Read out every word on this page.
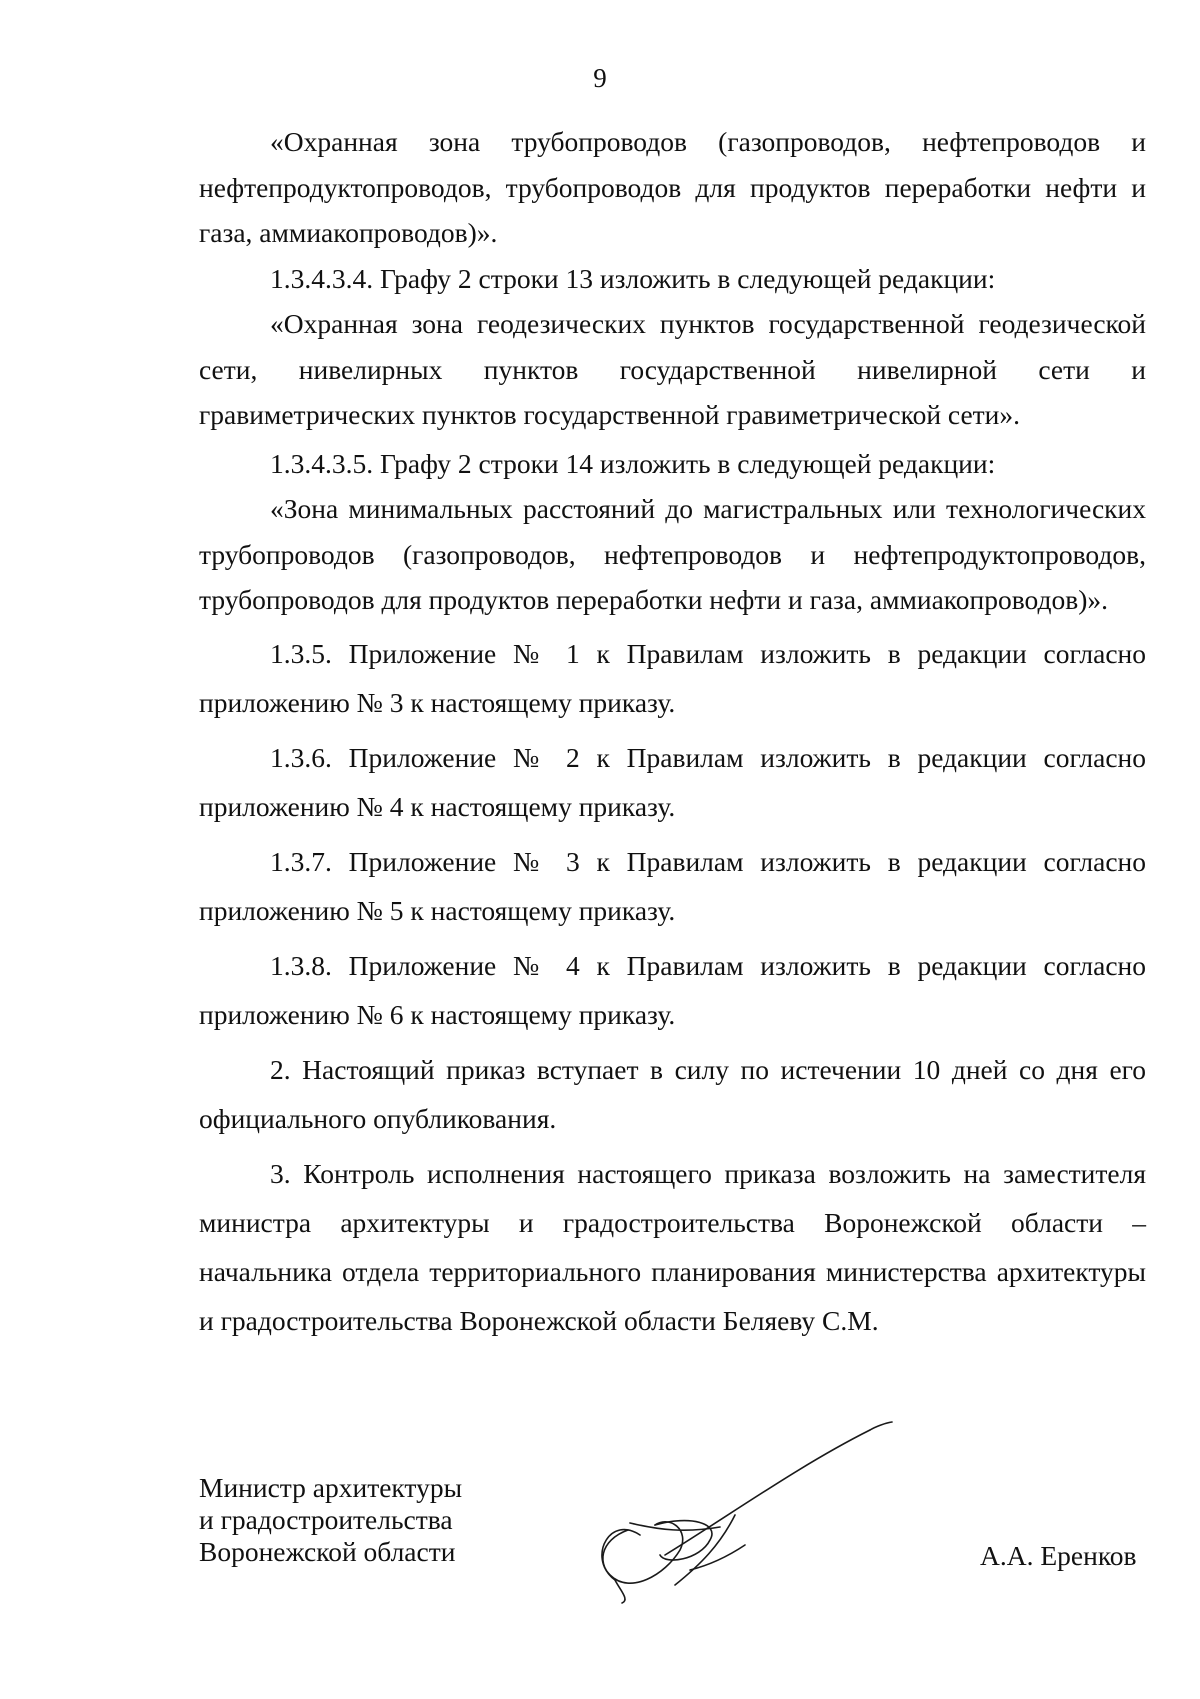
9

«Охранная зона трубопроводов (газопроводов, нефтепроводов и нефтепродуктопроводов, трубопроводов для продуктов переработки нефти и газа, аммиакопроводов)».

1.3.4.3.4. Графу 2 строки 13 изложить в следующей редакции:

«Охранная зона геодезических пунктов государственной геодезической сети, нивелирных пунктов государственной нивелирной сети и гравиметрических пунктов государственной гравиметрической сети».

1.3.4.3.5. Графу 2 строки 14 изложить в следующей редакции:

«Зона минимальных расстояний до магистральных или технологических трубопроводов (газопроводов, нефтепроводов и нефтепродуктопроводов, трубопроводов для продуктов переработки нефти и газа, аммиакопроводов)».

1.3.5. Приложение № 1 к Правилам изложить в редакции согласно приложению № 3 к настоящему приказу.

1.3.6. Приложение № 2 к Правилам изложить в редакции согласно приложению № 4 к настоящему приказу.

1.3.7. Приложение № 3 к Правилам изложить в редакции согласно приложению № 5 к настоящему приказу.

1.3.8. Приложение № 4 к Правилам изложить в редакции согласно приложению № 6 к настоящему приказу.

2. Настоящий приказ вступает в силу по истечении 10 дней со дня его официального опубликования.

3. Контроль исполнения настоящего приказа возложить на заместителя министра архитектуры и градостроительства Воронежской области – начальника отдела территориального планирования министерства архитектуры и градостроительства Воронежской области Беляеву С.М.

Министр архитектуры
и градостроительства
Воронежской области	А.А. Еренков
